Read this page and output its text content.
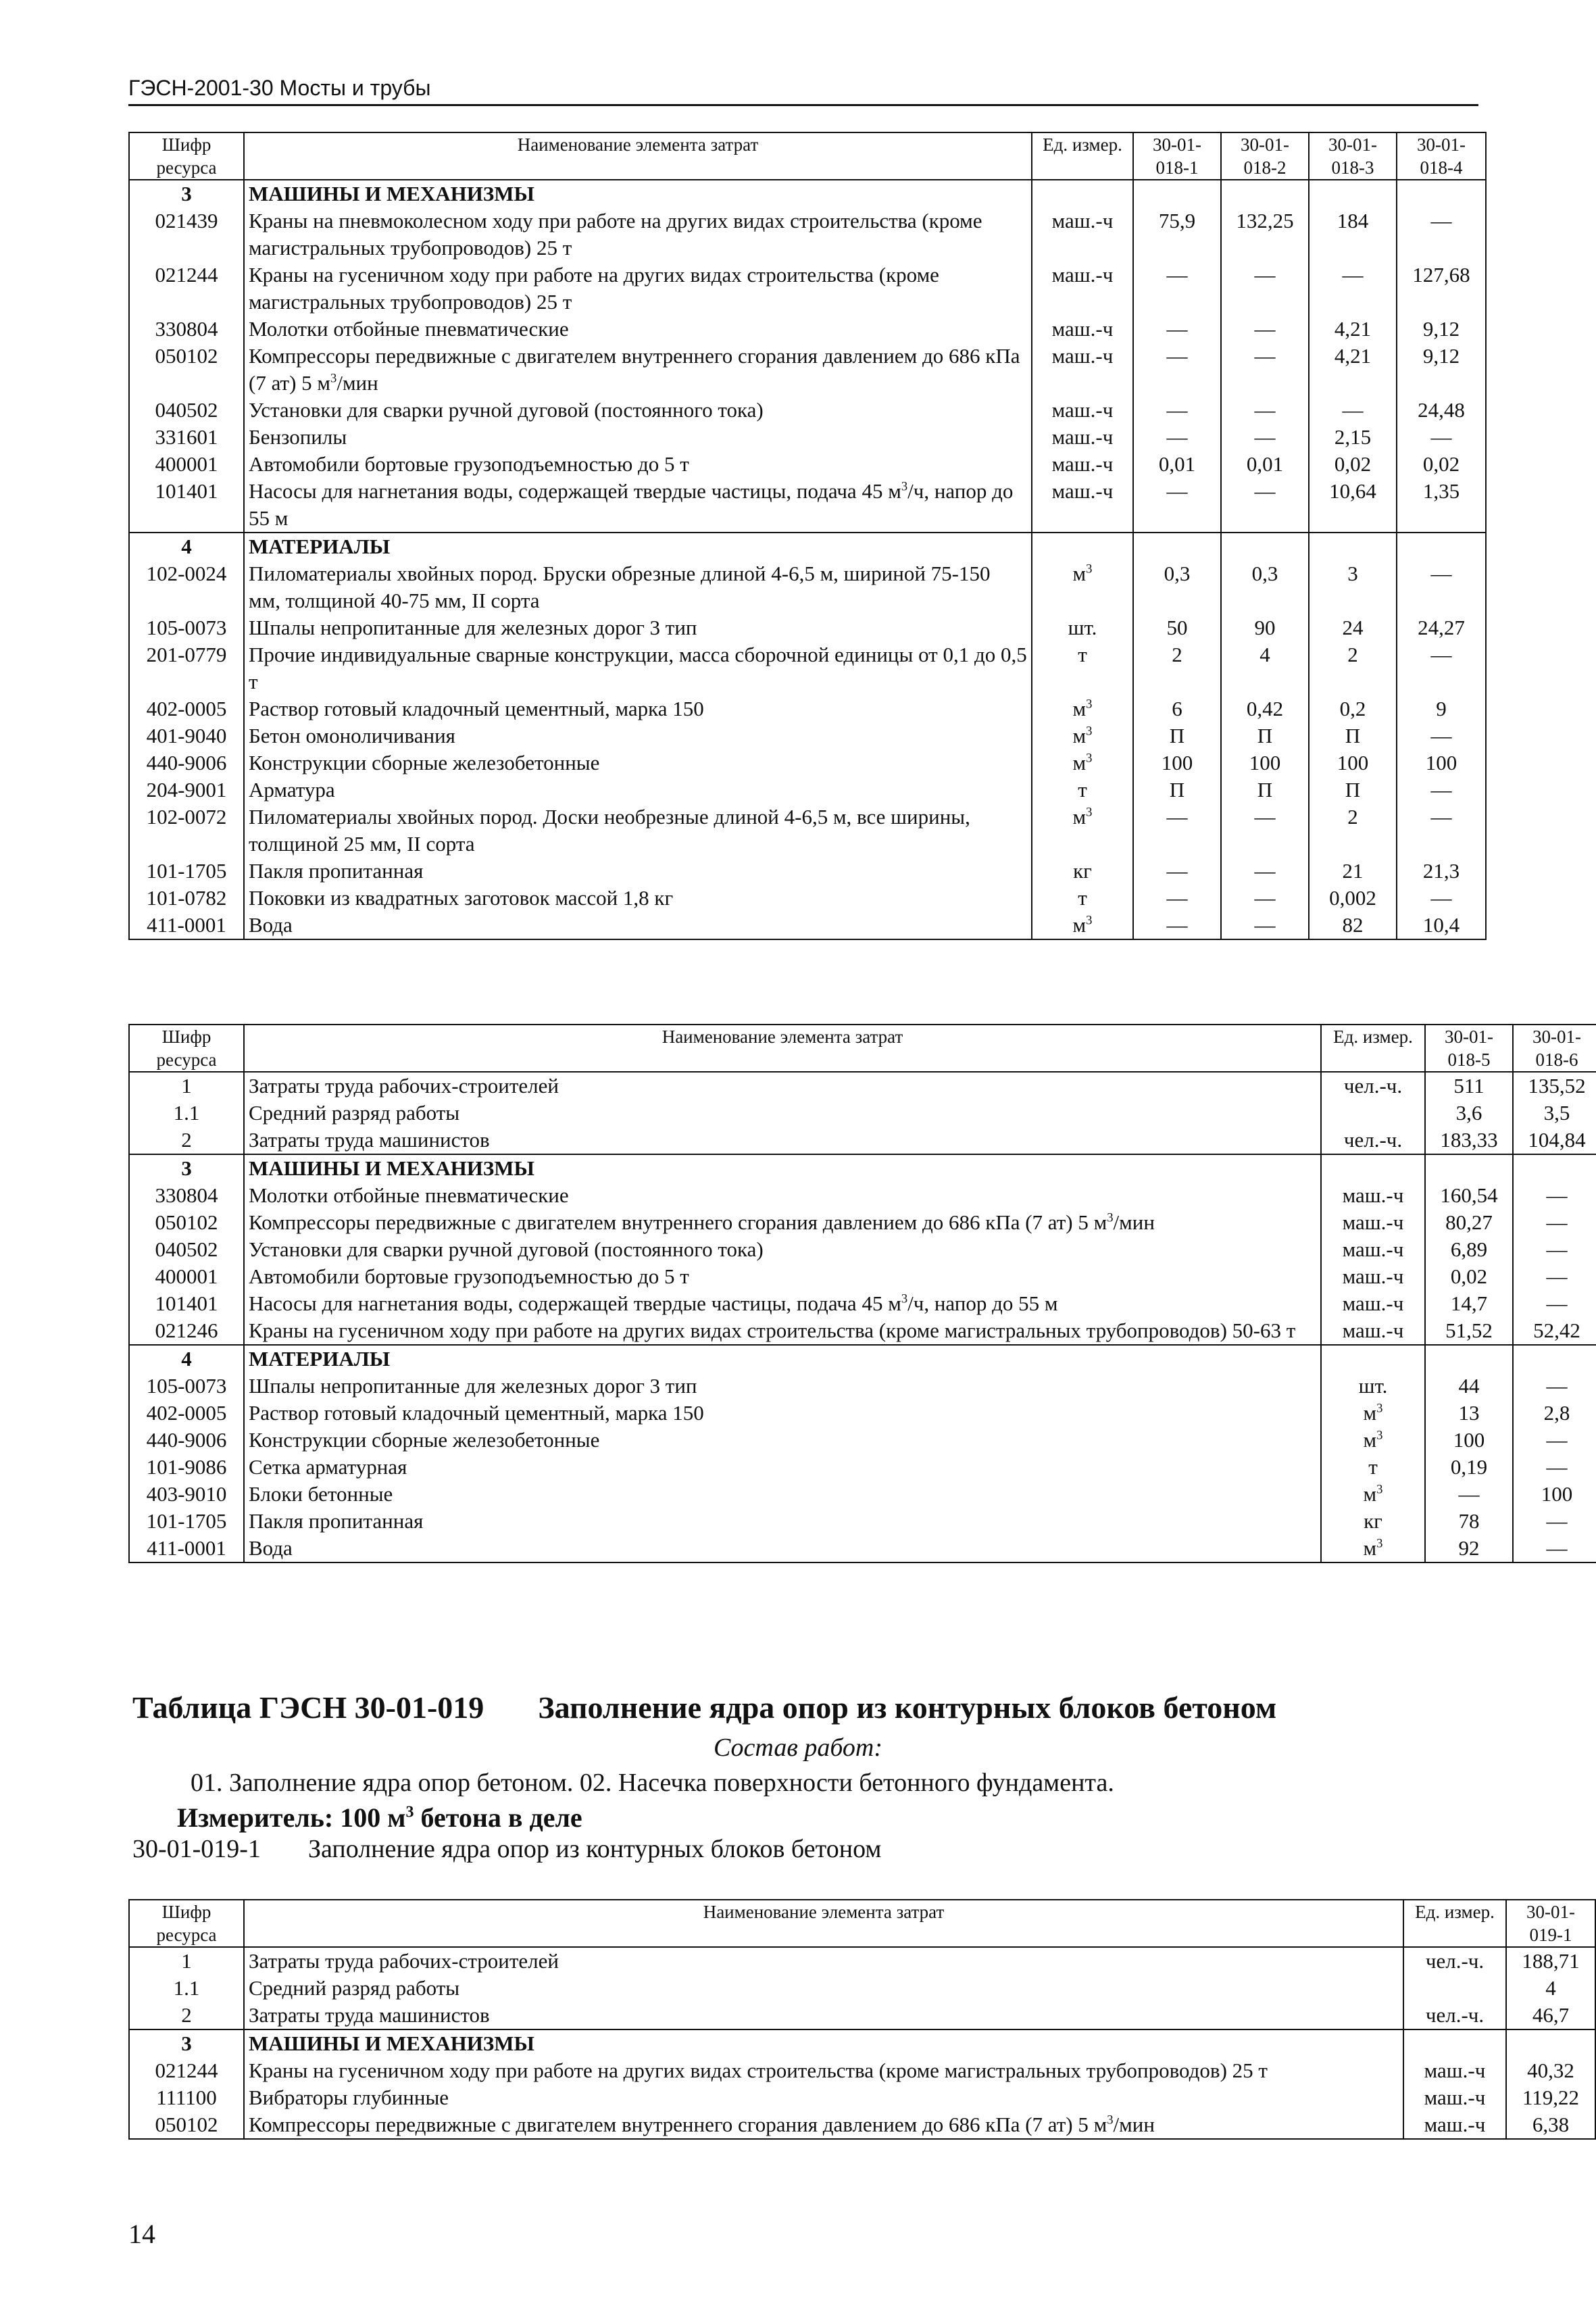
ГЭСН-2001-30 Мосты и трубы
Шифр ресурса	Наименование элемента затрат	Ед. измер.	30-01-018-1	30-01-018-2	30-01-018-3	30-01-018-4
3	МАШИНЫ И МЕХАНИЗМЫ					
021439	Краны на пневмоколесном ходу при работе на других видах строительства (кроме магистральных трубопроводов) 25 т	маш.-ч	75,9	132,25	184	—
021244	Краны на гусеничном ходу при работе на других видах строительства (кроме магистральных трубопроводов) 25 т	маш.-ч	—	—	—	127,68
330804	Молотки отбойные пневматические	маш.-ч	—	—	4,21	9,12
050102	Компрессоры передвижные с двигателем внутреннего сгорания давлением до 686 кПа (7 ат) 5 $м^3$/мин	маш.-ч	—	—	4,21	9,12
040502	Установки для сварки ручной дуговой (постоянного тока)	маш.-ч	—	—	—	24,48
331601	Бензопилы	маш.-ч	—	—	2,15	—
400001	Автомобили бортовые грузоподъемностью до 5 т	маш.-ч	0,01	0,01	0,02	0,02
101401	Насосы для нагнетания воды, содержащей твердые частицы, подача 45 $м^3/ч$, напор до 55 м	маш.-ч	—	—	10,64	1,35
4	МАТЕРИАЛЫ					
102-0024	Пиломатериалы хвойных пород. Бруски обрезные длиной 4-6,5 м, шириной 75-150 мм, толщиной 40-75 мм, II сорта	$м^3$	0,3	0,3	3	—
105-0073	Шпалы непропитанные для железных дорог 3 тип	шт.	50	90	24	24,27
201-0779	Прочие индивидуальные сварные конструкции, масса сборочной единицы от 0,1 до 0,5 т	т	2	4	2	—
402-0005	Раствор готовый кладочный цементный, марка 150	$м^3$	6	0,42	0,2	9
401-9040	Бетон омоноличивания	$м^3$	П	П	П	—
440-9006	Конструкции сборные железобетонные	$м^3$	100	100	100	100
204-9001	Арматура	т	П	П	П	—
102-0072	Пиломатериалы хвойных пород. Доски необрезные длиной 4-6,5 м, все ширины, толщиной 25 мм, II сорта	$м^3$	—	—	2	—
101-1705	Пакля пропитанная	кг	—	—	21	21,3
101-0782	Поковки из квадратных заготовок массой 1,8 кг	т	—	—	0,002	—
411-0001	Вода	$м^3$	—	—	82	10,4
Шифр ресурса	Наименование элемента затрат	Ед. измер.	30-01-018-5	30-01-018-6
1	Затраты труда рабочих-строителей	чел.-ч.	511	135,52
1.1	Средний разряд работы		3,6	3,5
2	Затраты труда машинистов	чел.-ч.	183,33	104,84
3	МАШИНЫ И МЕХАНИЗМЫ			
330804	Молотки отбойные пневматические	маш.-ч	160,54	—
050102	Компрессоры передвижные с двигателем внутреннего сгорания давлением до 686 кПа (7 ат) 5 $м^3$/мин	маш.-ч	80,27	—
040502	Установки для сварки ручной дуговой (постоянного тока)	маш.-ч	6,89	—
400001	Автомобили бортовые грузоподъемностью до 5 т	маш.-ч	0,02	—
101401	Насосы для нагнетания воды, содержащей твердые частицы, подача 45 $м^3/ч$, напор до 55 м	маш.-ч	14,7	—
021246	Краны на гусеничном ходу при работе на других видах строительства (кроме магистральных трубопроводов) 50-63 т	маш.-ч	51,52	52,42
4	МАТЕРИАЛЫ			
105-0073	Шпалы непропитанные для железных дорог 3 тип	шт.	44	—
402-0005	Раствор готовый кладочный цементный, марка 150	$м^3$	13	2,8
440-9006	Конструкции сборные железобетонные	$м^3$	100	—
101-9086	Сетка арматурная	т	0,19	—
403-9010	Блоки бетонные	$м^3$	—	100
101-1705	Пакля пропитанная	кг	78	—
411-0001	Вода	$м^3$	92	—
Таблица ГЭСН 30-01-019 Заполнение ядра опор из контурных блоков бетоном
Состав работ:
01. Заполнение ядра опор бетоном. 02. Насечка поверхности бетонного фундамента.
Измеритель: 100 $м^3$ бетона в деле
30-01-019-1 Заполнение ядра опор из контурных блоков бетоном
Шифр ресурса	Наименование элемента затрат	Ед. измер.	30-01-019-1
1	Затраты труда рабочих-строителей	чел.-ч.	188,71
1.1	Средний разряд работы		4
2	Затраты труда машинистов	чел.-ч.	46,7
3	МАШИНЫ И МЕХАНИЗМЫ		
021244	Краны на гусеничном ходу при работе на других видах строительства (кроме магистральных трубопроводов) 25 т	маш.-ч	40,32
111100	Вибраторы глубинные	маш.-ч	119,22
050102	Компрессоры передвижные с двигателем внутреннего сгорания давлением до 686 кПа (7 ат) 5 $м^3$/мин	маш.-ч	6,38
14
